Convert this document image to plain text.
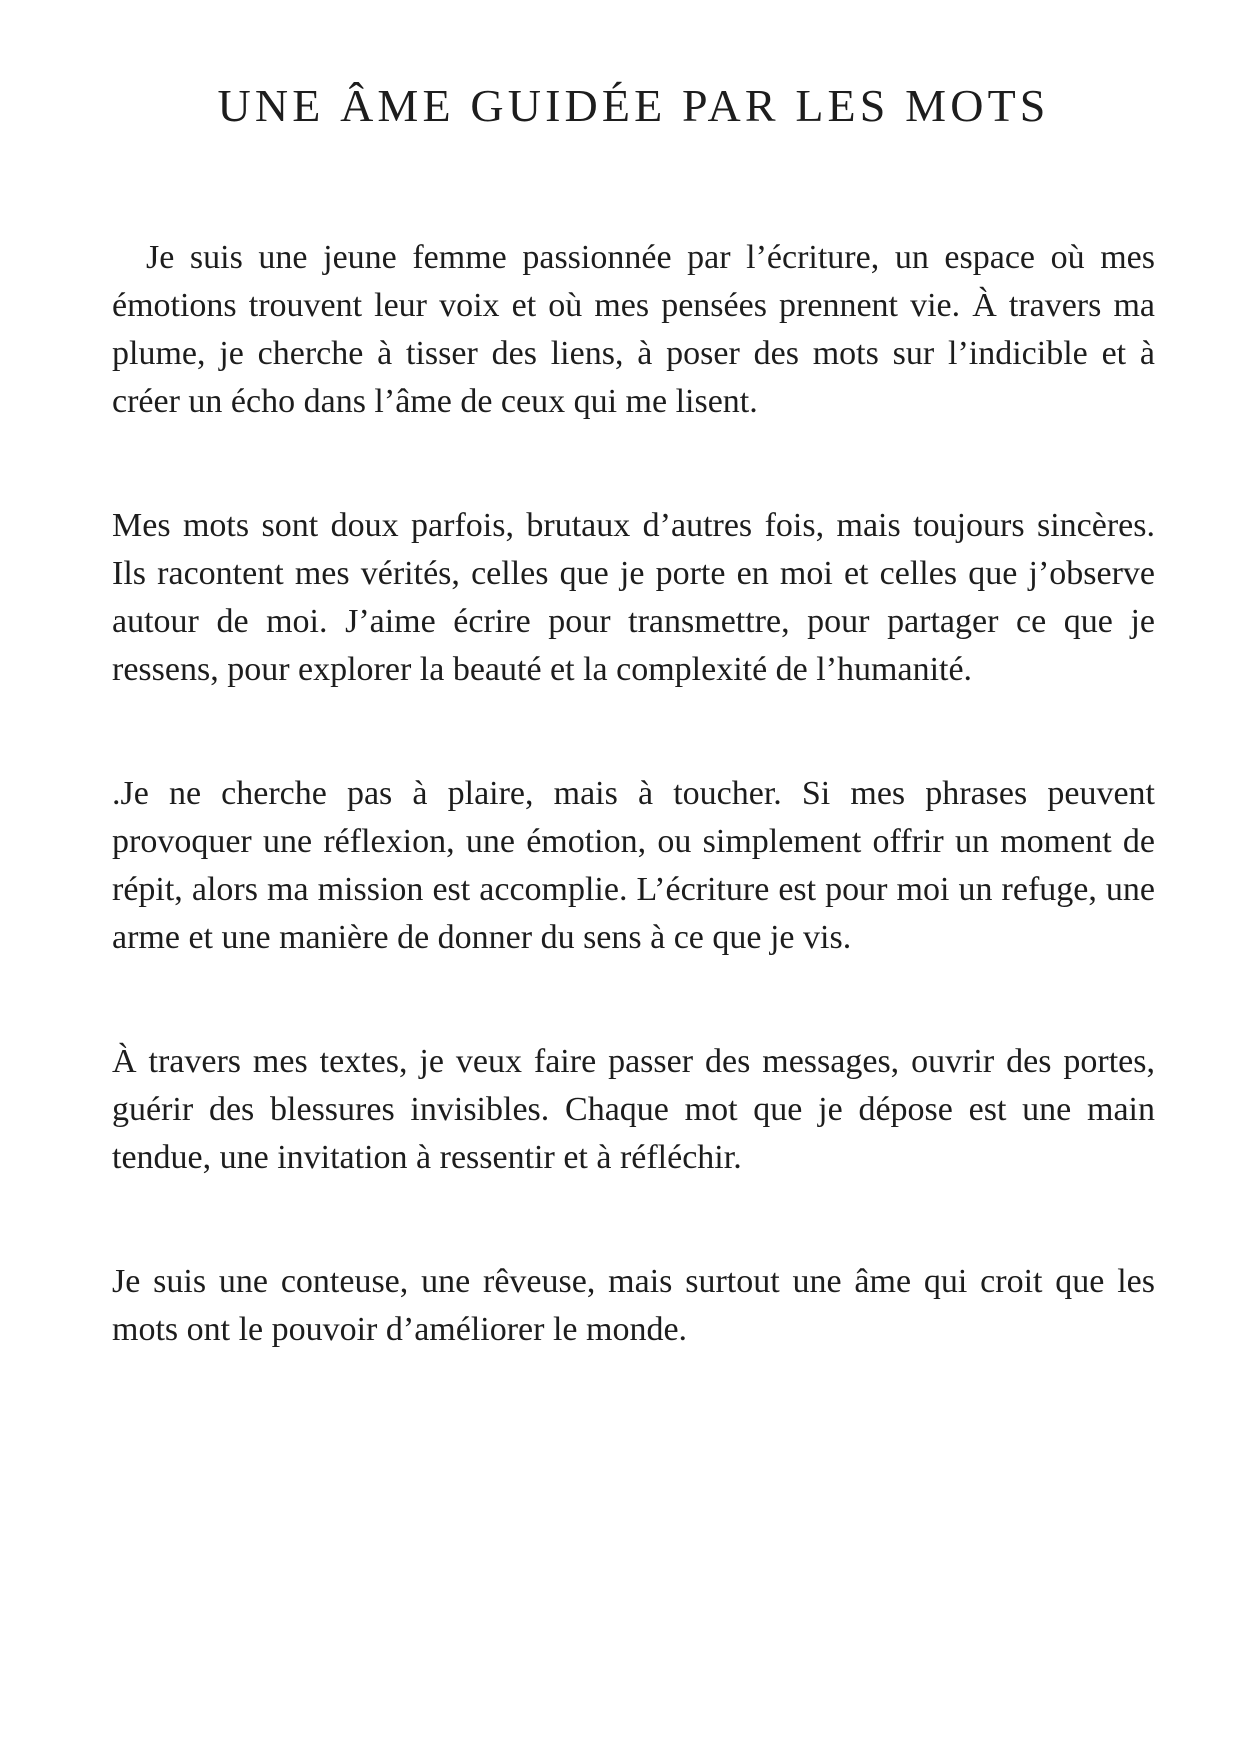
UNE ÂME GUIDÉE PAR LES MOTS

Je suis une jeune femme passionnée par l’écriture, un espace où mes émotions trouvent leur voix et où mes pensées prennent vie. À travers ma plume, je cherche à tisser des liens, à poser des mots sur l’indicible et à créer un écho dans l’âme de ceux qui me lisent.

Mes mots sont doux parfois, brutaux d’autres fois, mais toujours sincères. Ils racontent mes vérités, celles que je porte en moi et celles que j’observe autour de moi. J’aime écrire pour transmettre, pour partager ce que je ressens, pour explorer la beauté et la complexité de l’humanité.

.Je ne cherche pas à plaire, mais à toucher. Si mes phrases peuvent provoquer une réflexion, une émotion, ou simplement offrir un moment de répit, alors ma mission est accomplie. L’écriture est pour moi un refuge, une arme et une manière de donner du sens à ce que je vis.

À travers mes textes, je veux faire passer des messages, ouvrir des portes, guérir des blessures invisibles. Chaque mot que je dépose est une main tendue, une invitation à ressentir et à réfléchir.

Je suis une conteuse, une rêveuse, mais surtout une âme qui croit que les mots ont le pouvoir d’améliorer le monde.
